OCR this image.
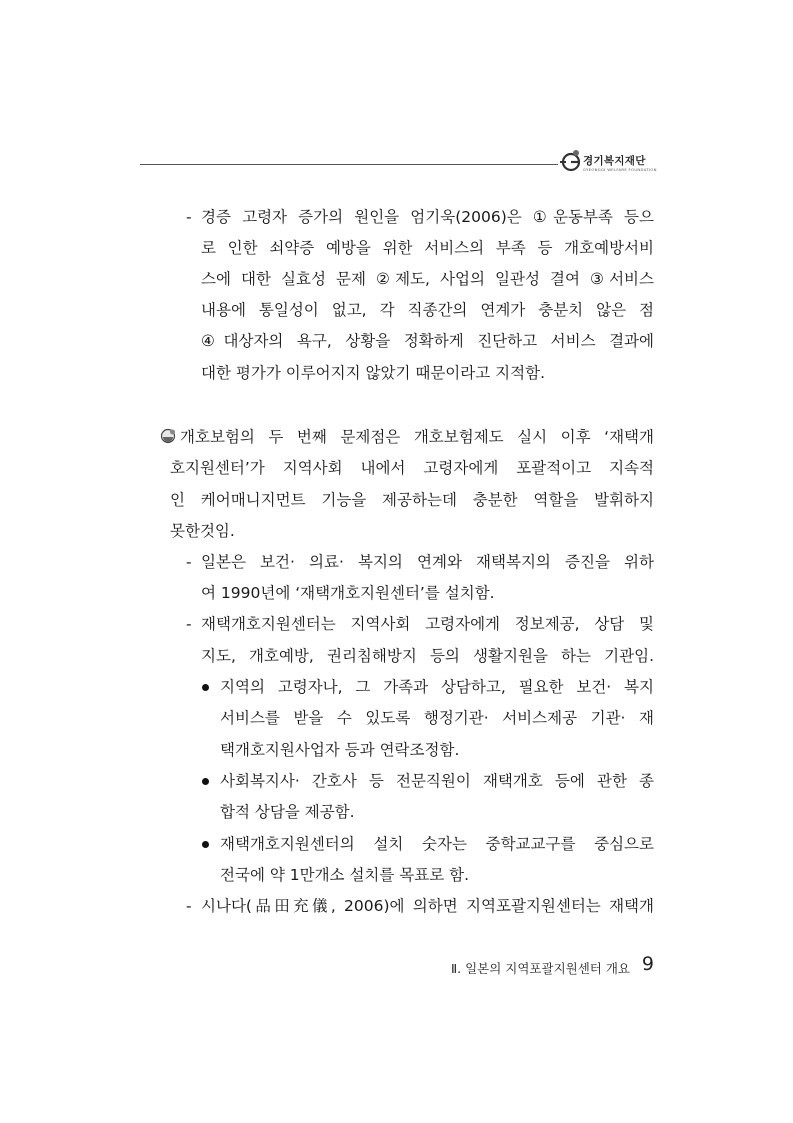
경기복지재단
GYEONGGI WELFARE FOUNDATION
- 경증 고령자 증가의 원인을 엄기욱(2006)은 ①운동부족 등으
로 인한 쇠약증 예방을 위한 서비스의 부족 등 개호예방서비
스에 대한 실효성 문제 ②제도, 사업의 일관성 결여 ③서비스
내용에 통일성이 없고, 각 직종간의 연계가 충분치 않은 점
④대상자의 욕구, 상황을 정확하게 진단하고 서비스 결과에
대한 평가가 이루어지지 않았기 때문이라고 지적함.
개호보험의 두 번째 문제점은 개호보험제도 실시 이후 ‘재택개
호지원센터’가 지역사회 내에서 고령자에게 포괄적이고 지속적
인 케어매니지먼트 기능을 제공하는데 충분한 역할을 발휘하지
못한것임.
- 일본은 보건· 의료· 복지의 연계와 재택복지의 증진을 위하
여 1990년에 ‘재택개호지원센터’를 설치함.
- 재택개호지원센터는 지역사회 고령자에게 정보제공, 상담 및
지도, 개호예방, 권리침해방지 등의 생활지원을 하는 기관임.
지역의 고령자나, 그 가족과 상담하고, 필요한 보건· 복지
서비스를 받을 수 있도록 행정기관· 서비스제공 기관· 재
택개호지원사업자 등과 연락조정함.
사회복지사· 간호사 등 전문직원이 재택개호 등에 관한 종
합적 상담을 제공함.
재택개호지원센터의 설치 숫자는 중학교교구를 중심으로
전국에 약 1만개소 설치를 목표로 함.
- 시나다(品田充儀, 2006)에 의하면 지역포괄지원센터는 재택개
Ⅱ. 일본의 지역포괄지원센터 개요 9
